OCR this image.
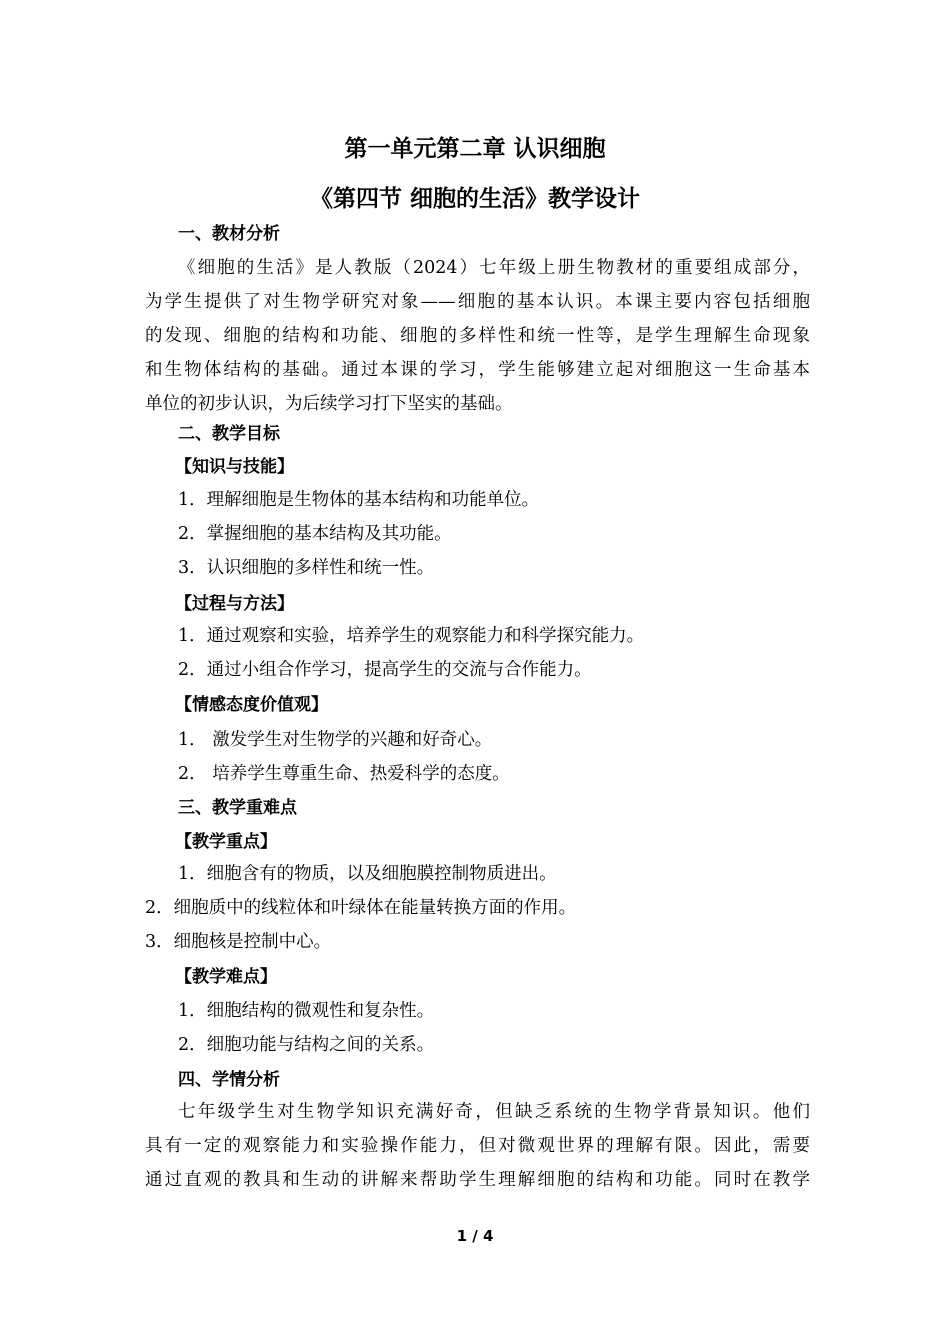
第一单元第二章 认识细胞
《第四节 细胞的生活》教学设计

一、教材分析

《细胞的生活》是人教版（2024）七年级上册生物教材的重要组成部分，

为学生提供了对生物学研究对象——细胞的基本认识。本课主要内容包括细胞

的发现、细胞的结构和功能、细胞的多样性和统一性等，是学生理解生命现象

和生物体结构的基础。通过本课的学习，学生能够建立起对细胞这一生命基本

单位的初步认识，为后续学习打下坚实的基础。

二、教学目标

【知识与技能】

1．理解细胞是生物体的基本结构和功能单位。

2．掌握细胞的基本结构及其功能。

3．认识细胞的多样性和统一性。

【过程与方法】

1．通过观察和实验，培养学生的观察能力和科学探究能力。

2．通过小组合作学习，提高学生的交流与合作能力。

【情感态度价值观】

1． 激发学生对生物学的兴趣和好奇心。

2． 培养学生尊重生命、热爱科学的态度。

三、教学重难点

【教学重点】

1．细胞含有的物质，以及细胞膜控制物质进出。

2．细胞质中的线粒体和叶绿体在能量转换方面的作用。

3．细胞核是控制中心。

【教学难点】

1．细胞结构的微观性和复杂性。

2．细胞功能与结构之间的关系。

四、学情分析

七年级学生对生物学知识充满好奇，但缺乏系统的生物学背景知识。他们

具有一定的观察能力和实验操作能力，但对微观世界的理解有限。因此，需要

通过直观的教具和生动的讲解来帮助学生理解细胞的结构和功能。同时在教学

1 / 4
